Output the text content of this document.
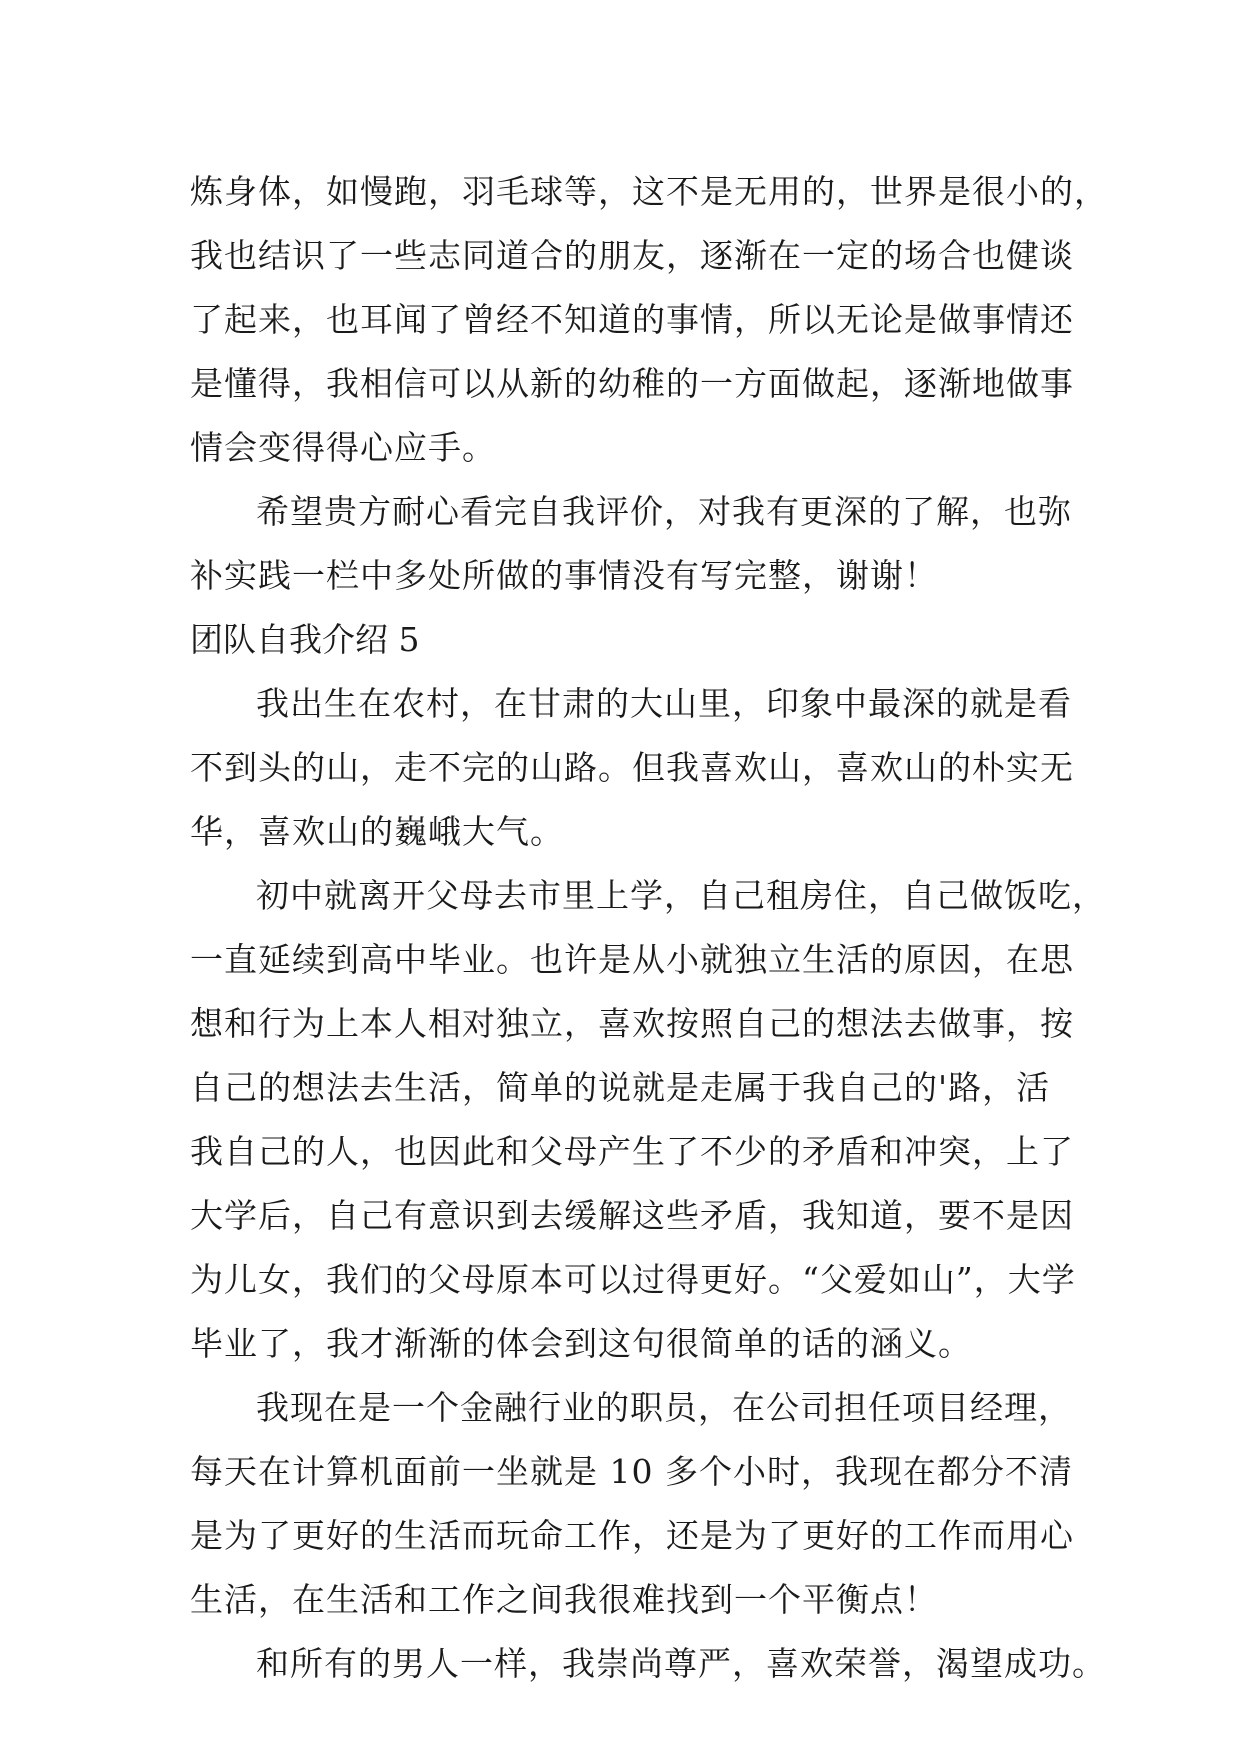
炼身体，如慢跑，羽毛球等，这不是无用的，世界是很小的，
我也结识了一些志同道合的朋友，逐渐在一定的场合也健谈
了起来，也耳闻了曾经不知道的事情，所以无论是做事情还
是懂得，我相信可以从新的幼稚的一方面做起，逐渐地做事
情会变得得心应手。
希望贵方耐心看完自我评价，对我有更深的了解，也弥
补实践一栏中多处所做的事情没有写完整，谢谢！
团队自我介绍 5
我出生在农村，在甘肃的大山里，印象中最深的就是看
不到头的山，走不完的山路。但我喜欢山，喜欢山的朴实无
华，喜欢山的巍峨大气。
初中就离开父母去市里上学，自己租房住，自己做饭吃，
一直延续到高中毕业。也许是从小就独立生活的原因，在思
想和行为上本人相对独立，喜欢按照自己的想法去做事，按
自己的想法去生活，简单的说就是走属于我自己的'路，活
我自己的人，也因此和父母产生了不少的矛盾和冲突，上了
大学后，自己有意识到去缓解这些矛盾，我知道，要不是因
为儿女，我们的父母原本可以过得更好。“父爱如山”，大学
毕业了，我才渐渐的体会到这句很简单的话的涵义。
我现在是一个金融行业的职员，在公司担任项目经理，
每天在计算机面前一坐就是 10 多个小时，我现在都分不清
是为了更好的生活而玩命工作，还是为了更好的工作而用心
生活，在生活和工作之间我很难找到一个平衡点！
和所有的男人一样，我崇尚尊严，喜欢荣誉，渴望成功。
